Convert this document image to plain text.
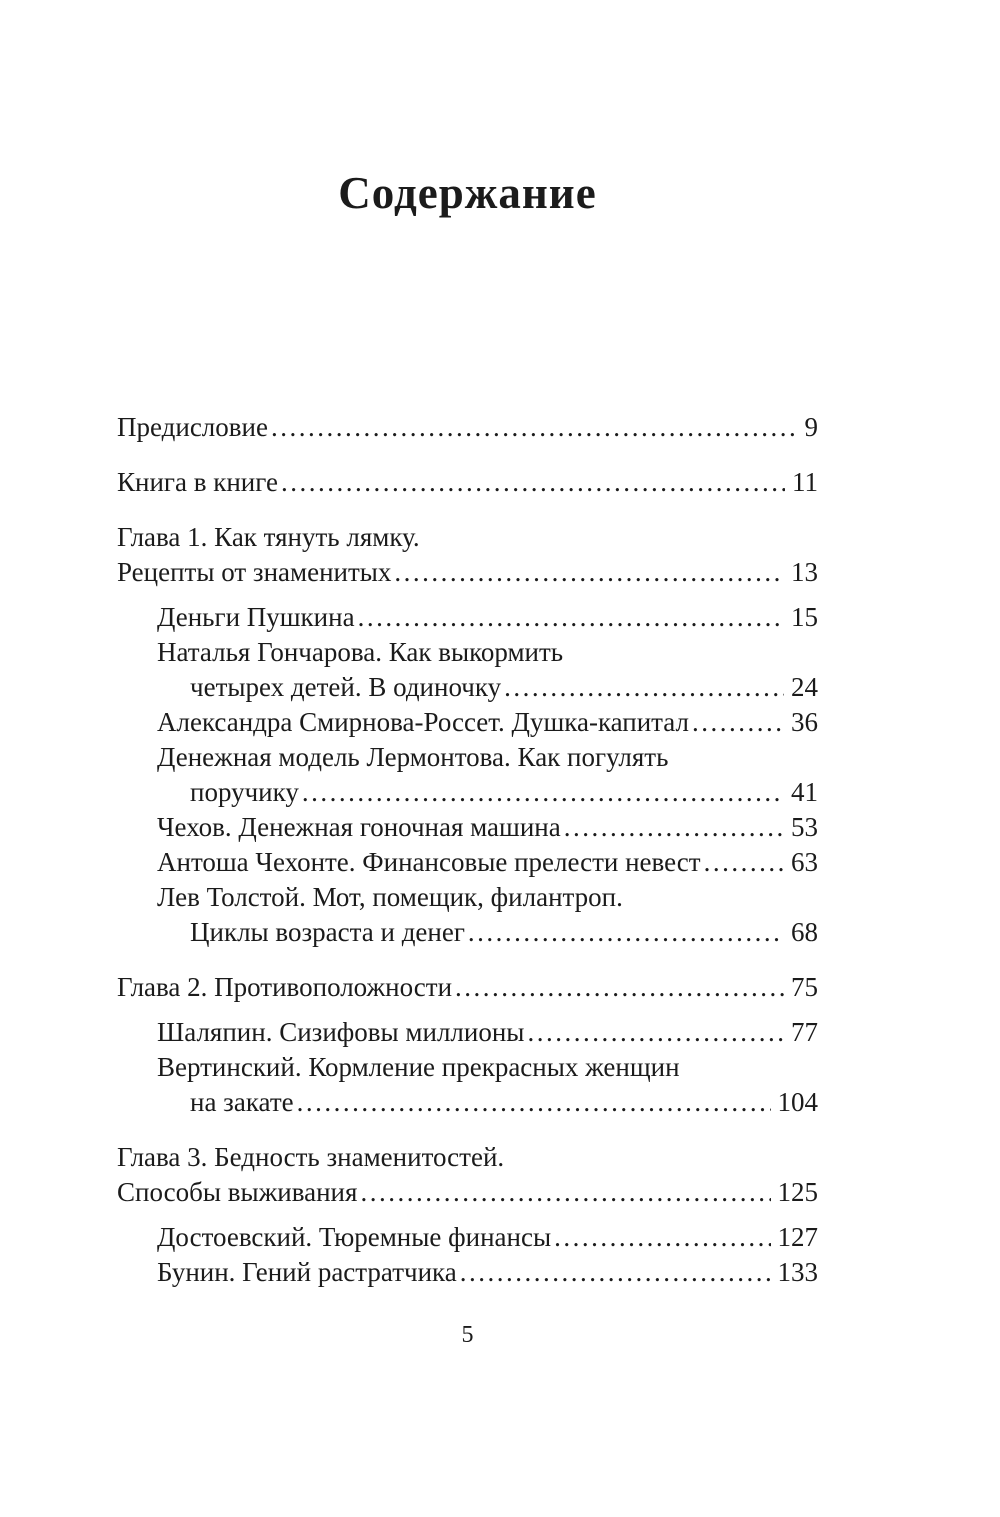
Содержание
Предисловие .....	9
Книга в книге .....	11
Глава 1. Как тянуть лямку.
Рецепты от знаменитых .....	13
Деньги Пушкина .....	15
Наталья Гончарова. Как выкормить
четырех детей. В одиночку .....	24
Александра Смирнова-Россет. Душка-капитал .....	36
Денежная модель Лермонтова. Как погулять
поручику .....	41
Чехов. Денежная гоночная машина .....	53
Антоша Чехонте. Финансовые прелести невест .....	63
Лев Толстой. Мот, помещик, филантроп.
Циклы возраста и денег .....	68
Глава 2. Противоположности .....	75
Шаляпин. Сизифовы миллионы .....	77
Вертинский. Кормление прекрасных женщин
на закате .....	104
Глава 3. Бедность знаменитостей.
Способы выживания .....	125
Достоевский. Тюремные финансы .....	127
Бунин. Гений растратчика .....	133
5
